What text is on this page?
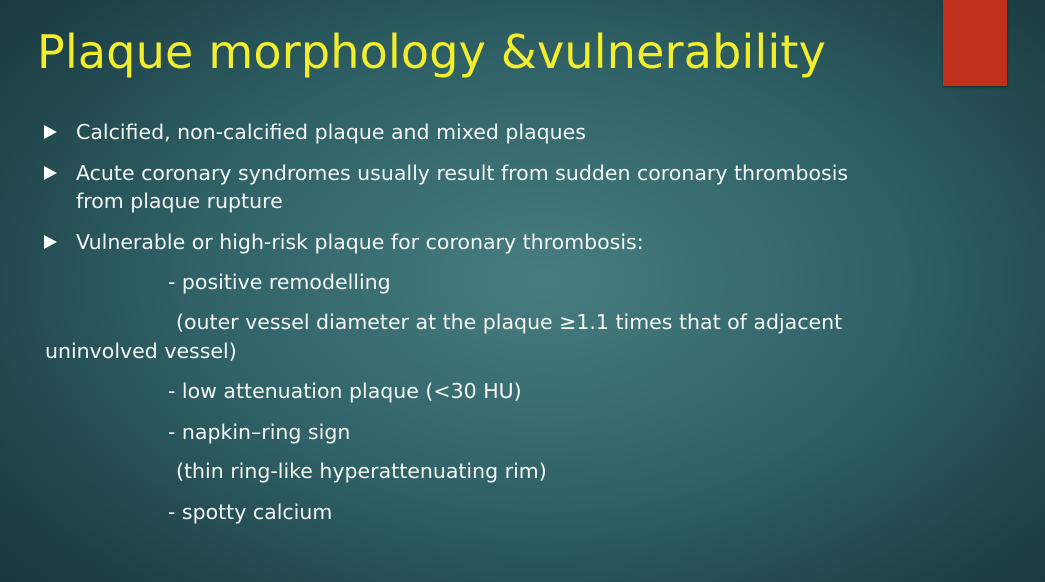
Plaque morphology &vulnerability
Calcified, non-calcified plaque and mixed plaques
Acute coronary syndromes usually result from sudden coronary thrombosis
from plaque rupture
Vulnerable or high-risk plaque for coronary thrombosis:
- positive remodelling
(outer vessel diameter at the plaque ≥1.1 times that of adjacent
uninvolved vessel)
- low attenuation plaque (<30 HU)
- napkin–ring sign
(thin ring-like hyperattenuating rim)
- spotty calcium
